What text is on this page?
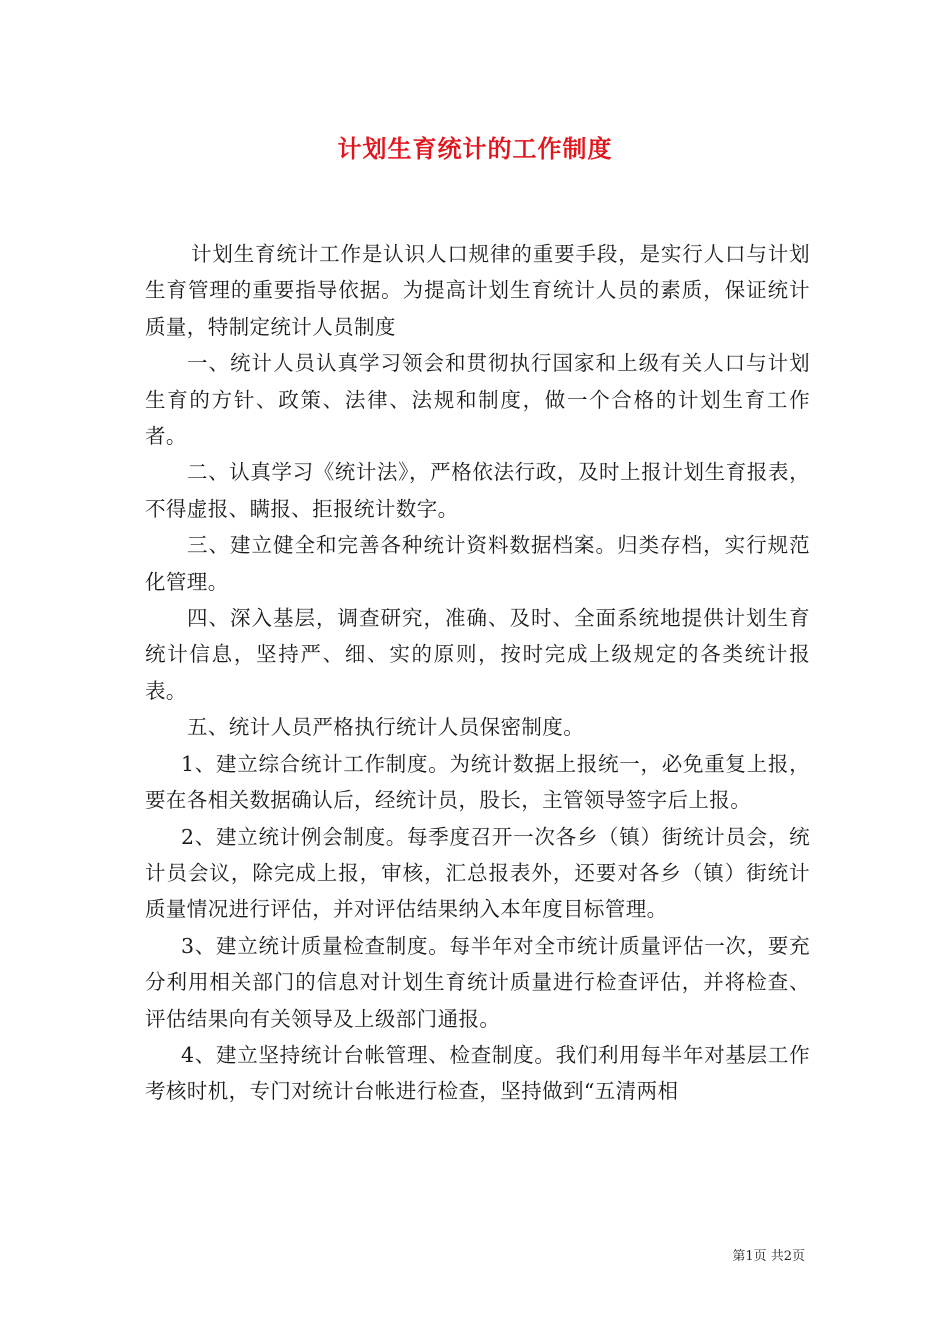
计划生育统计的工作制度

计划生育统计工作是认识人口规律的重要手段，是实行人口与计划生育管理的重要指导依据。为提高计划生育统计人员的素质，保证统计质量，特制定统计人员制度

一、统计人员认真学习领会和贯彻执行国家和上级有关人口与计划生育的方针、政策、法律、法规和制度，做一个合格的计划生育工作者。

二、认真学习《统计法》，严格依法行政，及时上报计划生育报表，不得虚报、瞒报、拒报统计数字。

三、建立健全和完善各种统计资料数据档案。归类存档，实行规范化管理。

四、深入基层，调查研究，准确、及时、全面系统地提供计划生育统计信息，坚持严、细、实的原则，按时完成上级规定的各类统计报表。

五、统计人员严格执行统计人员保密制度。

1、建立综合统计工作制度。为统计数据上报统一，必免重复上报，要在各相关数据确认后，经统计员，股长，主管领导签字后上报。

2、建立统计例会制度。每季度召开一次各乡（镇）街统计员会，统计员会议，除完成上报，审核，汇总报表外，还要对各乡（镇）街统计质量情况进行评估，并对评估结果纳入本年度目标管理。

3、建立统计质量检查制度。每半年对全市统计质量评估一次，要充分利用相关部门的信息对计划生育统计质量进行检查评估，并将检查、评估结果向有关领导及上级部门通报。

4、建立坚持统计台帐管理、检查制度。我们利用每半年对基层工作考核时机，专门对统计台帐进行检查，坚持做到“五清两相

第1页 共2页
